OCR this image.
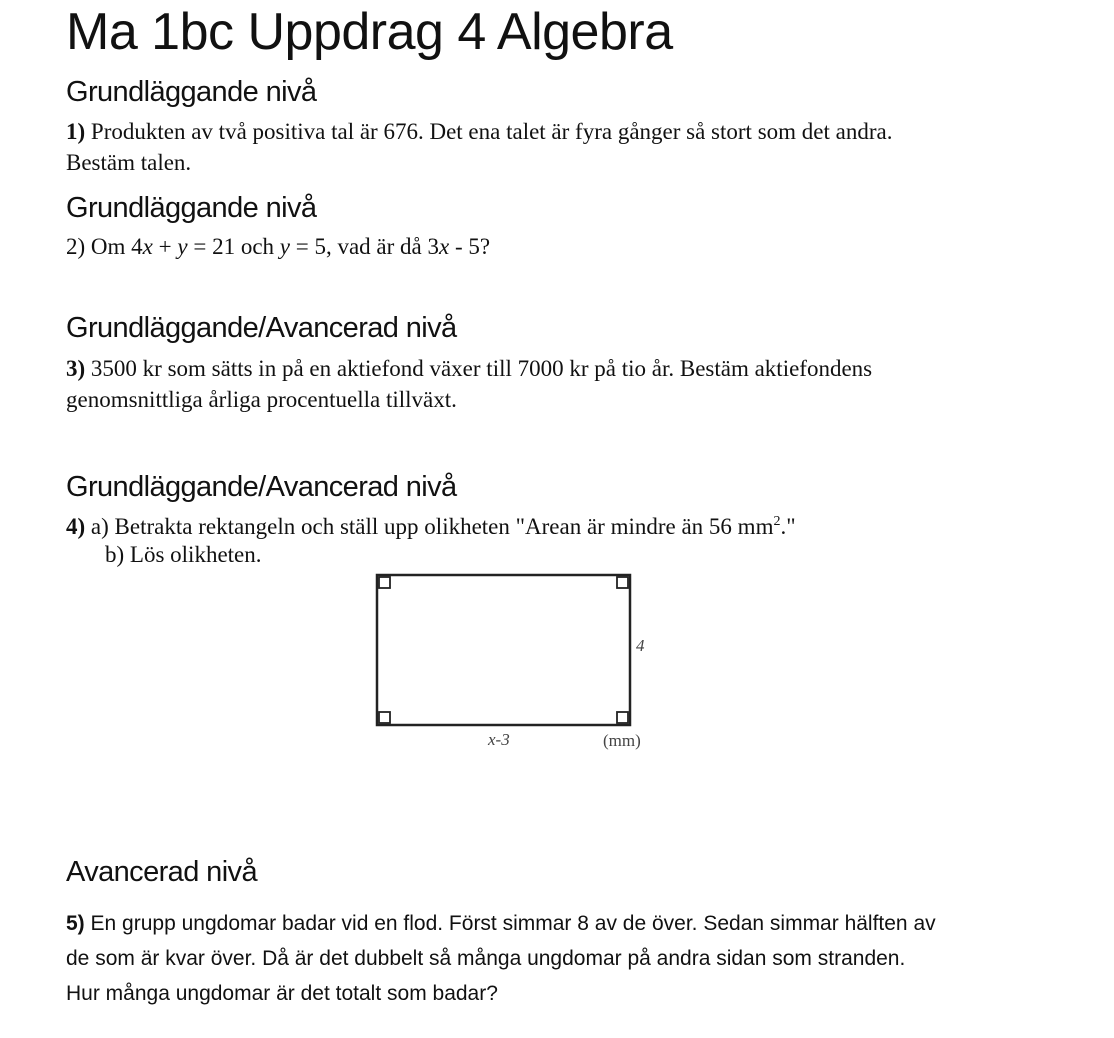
Ma 1bc Uppdrag 4 Algebra
Grundläggande nivå
1) Produkten av två positiva tal är 676. Det ena talet är fyra gånger så stort som det andra.
Bestäm talen.
Grundläggande nivå
2) Om 4x + y = 21 och y = 5, vad är då 3x - 5?
Grundläggande/Avancerad nivå
3) 3500 kr som sätts in på en aktiefond växer till 7000 kr på tio år. Bestäm aktiefondens
genomsnittliga årliga procentuella tillväxt.
Grundläggande/Avancerad nivå
4) a) Betrakta rektangeln och ställ upp olikheten "Arean är mindre än 56 $mm^2$."
b) Lös olikheten.
4
x-3	(mm)
Avancerad nivå
5) En grupp ungdomar badar vid en flod. Först simmar 8 av de över. Sedan simmar hälften av
de som är kvar över. Då är det dubbelt så många ungdomar på andra sidan som stranden.
Hur många ungdomar är det totalt som badar?
